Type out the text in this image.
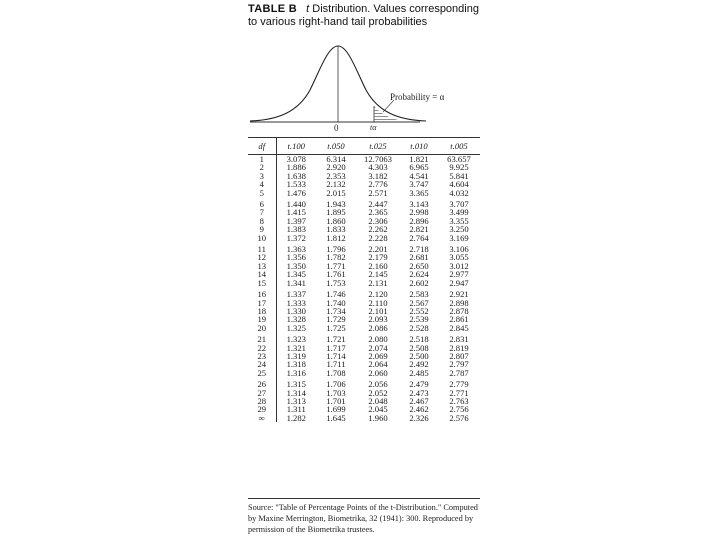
TABLE B t Distribution. Values corresponding to various right-hand tail probabilities
Probability = α
0	tα
df	t.100	t.050	t.025	t.010	t.005
1	3.078	6.314	12.7063	1.821	63.657
2	1.886	2.920	4.303	6.965	9.925
3	1.638	2.353	3.182	4.541	5.841
4	1.533	2.132	2.776	3.747	4.604
5	1.476	2.015	2.571	3.365	4.032
6	1.440	1.943	2.447	3.143	3.707
7	1.415	1.895	2.365	2.998	3.499
8	1.397	1.860	2.306	2.896	3.355
9	1.383	1.833	2.262	2.821	3.250
10	1.372	1.812	2.228	2.764	3.169
11	1.363	1.796	2.201	2.718	3.106
12	1.356	1.782	2.179	2.681	3.055
13	1.350	1.771	2.160	2.650	3.012
14	1.345	1.761	2.145	2.624	2.977
15	1.341	1.753	2.131	2.602	2.947
16	1.337	1.746	2.120	2.583	2.921
17	1.333	1.740	2.110	2.567	2.898
18	1.330	1.734	2.101	2.552	2.878
19	1.328	1.729	2.093	2.539	2.861
20	1.325	1.725	2.086	2.528	2.845
21	1.323	1.721	2.080	2.518	2.831
22	1.321	1.717	2.074	2.508	2.819
23	1.319	1.714	2.069	2.500	2.807
24	1.318	1.711	2.064	2.492	2.797
25	1.316	1.708	2.060	2.485	2.787
26	1.315	1.706	2.056	2.479	2.779
27	1.314	1.703	2.052	2.473	2.771
28	1.313	1.701	2.048	2.467	2.763
29	1.311	1.699	2.045	2.462	2.756
∞	1.282	1.645	1.960	2.326	2.576
Source: "Table of Percentage Points of the t-Distribution." Computed by Maxine Merrington, Biometrika, 32 (1941): 300. Reproduced by permission of the Biometrika trustees.
